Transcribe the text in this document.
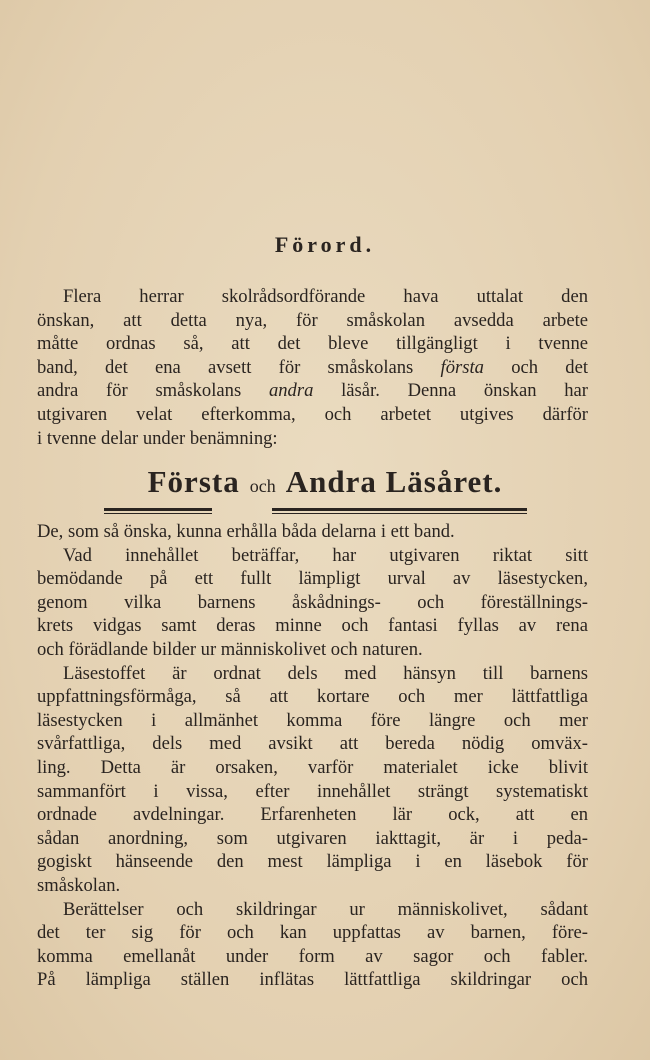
Förord.
Flera herrar skolrådsordförande hava uttalat den
önskan, att detta nya, för småskolan avsedda arbete
måtte ordnas så, att det bleve tillgängligt i tvenne
band, det ena avsett för småskolans första och det
andra för småskolans andra läsår. Denna önskan har
utgivaren velat efterkomma, och arbetet utgives därför
i tvenne delar under benämning:
Första och Andra Läsåret.
De, som så önska, kunna erhålla båda delarna i ett band.
Vad innehållet beträffar, har utgivaren riktat sitt
bemödande på ett fullt lämpligt urval av läsestycken,
genom vilka barnens åskådnings- och föreställnings-
krets vidgas samt deras minne och fantasi fyllas av rena
och förädlande bilder ur människolivet och naturen.
Läsestoffet är ordnat dels med hänsyn till barnens
uppfattningsförmåga, så att kortare och mer lättfattliga
läsestycken i allmänhet komma före längre och mer
svårfattliga, dels med avsikt att bereda nödig omväx-
ling. Detta är orsaken, varför materialet icke blivit
sammanfört i vissa, efter innehållet strängt systematiskt
ordnade avdelningar. Erfarenheten lär ock, att en
sådan anordning, som utgivaren iakttagit, är i peda-
gogiskt hänseende den mest lämpliga i en läsebok för
småskolan.
Berättelser och skildringar ur människolivet, sådant
det ter sig för och kan uppfattas av barnen, före-
komma emellanåt under form av sagor och fabler.
På lämpliga ställen inflätas lättfattliga skildringar och
